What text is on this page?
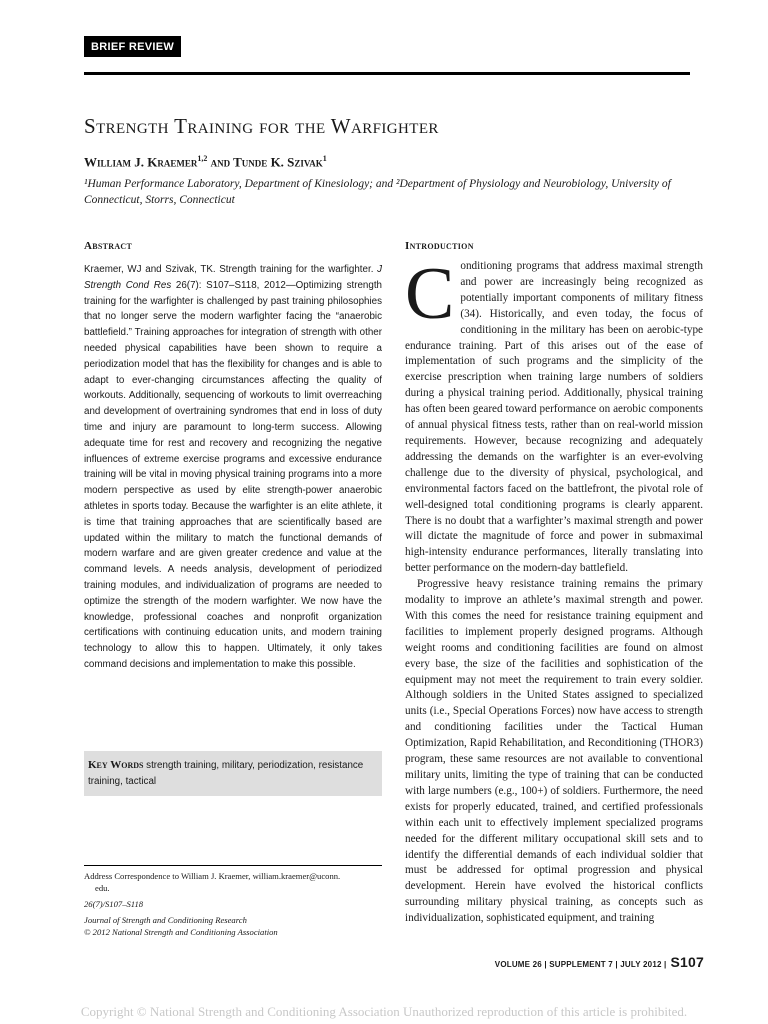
BRIEF REVIEW
Strength Training for the Warfighter
William J. Kraemer$^{1,2}$ and Tunde K. Szivak$^1$
¹Human Performance Laboratory, Department of Kinesiology; and ²Department of Physiology and Neurobiology, University of Connecticut, Storrs, Connecticut
Abstract

Kraemer, WJ and Szivak, TK. Strength training for the warfighter. J Strength Cond Res 26(7): S107–S118, 2012—Optimizing strength training for the warfighter is challenged by past training philosophies that no longer serve the modern warfighter facing the “anaerobic battlefield.” Training approaches for integration of strength with other needed physical capabilities have been shown to require a periodization model that has the flexibility for changes and is able to adapt to ever-changing circumstances affecting the quality of workouts. Additionally, sequencing of workouts to limit overreaching and development of overtraining syndromes that end in loss of duty time and injury are paramount to long-term success. Allowing adequate time for rest and recovery and recognizing the negative influences of extreme exercise programs and excessive endurance training will be vital in moving physical training programs into a more modern perspective as used by elite strength-power anaerobic athletes in sports today. Because the warfighter is an elite athlete, it is time that training approaches that are scientifically based are updated within the military to match the functional demands of modern warfare and are given greater credence and value at the command levels. A needs analysis, development of periodized training modules, and individualization of programs are needed to optimize the strength of the modern warfighter. We now have the knowledge, professional coaches and nonprofit organization certifications with continuing education units, and modern training technology to allow this to happen. Ultimately, it only takes command decisions and implementation to make this possible.

Key Words strength training, military, periodization, resistance training, tactical
Address Correspondence to William J. Kraemer, william.kraemer@uconn.
edu.
26(7)/S107–S118
Journal of Strength and Conditioning Research
© 2012 National Strength and Conditioning Association
Introduction

Conditioning programs that address maximal strength and power are increasingly being recognized as potentially important components of military fitness (34). Historically, and even today, the focus of conditioning in the military has been on aerobic-type endurance training. Part of this arises out of the ease of implementation of such programs and the simplicity of the exercise prescription when training large numbers of soldiers during a physical training period. Additionally, physical training has often been geared toward performance on aerobic components of annual physical fitness tests, rather than on real-world mission requirements. However, because recognizing and adequately addressing the demands on the warfighter is an ever-evolving challenge due to the diversity of physical, psychological, and environmental factors faced on the battlefront, the pivotal role of well-designed total conditioning programs is clearly apparent. There is no doubt that a warfighter’s maximal strength and power will dictate the magnitude of force and power in submaximal high-intensity endurance performances, literally translating into better performance on the modern-day battlefield.

Progressive heavy resistance training remains the primary modality to improve an athlete’s maximal strength and power. With this comes the need for resistance training equipment and facilities to implement properly designed programs. Although weight rooms and conditioning facilities are found on almost every base, the size of the facilities and sophistication of the equipment may not meet the requirement to train every soldier. Although soldiers in the United States assigned to specialized units (i.e., Special Operations Forces) now have access to strength and conditioning facilities under the Tactical Human Optimization, Rapid Rehabilitation, and Reconditioning (THOR3) program, these same resources are not available to conventional military units, limiting the type of training that can be conducted with large numbers (e.g., 100+) of soldiers. Furthermore, the need exists for properly educated, trained, and certified professionals within each unit to effectively implement specialized programs needed for the different military occupational skill sets and to identify the differential demands of each individual soldier that must be addressed for optimal progression and physical development. Herein have evolved the historical conflicts surrounding military physical training, as concepts such as individualization, sophisticated equipment, and training

VOLUME 26 | SUPPLEMENT 7 | JULY 2012 | S107
Copyright © National Strength and Conditioning Association Unauthorized reproduction of this article is prohibited.
